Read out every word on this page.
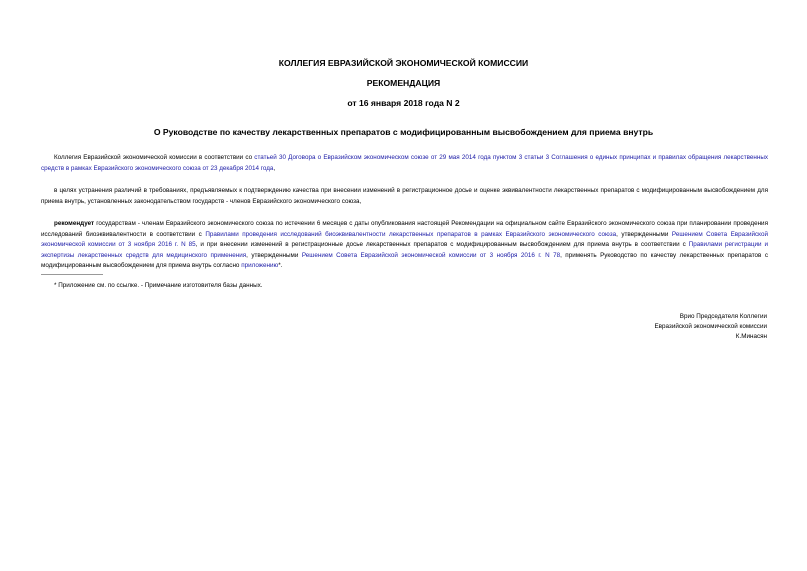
КОЛЛЕГИЯ ЕВРАЗИЙСКОЙ ЭКОНОМИЧЕСКОЙ КОМИССИИ
РЕКОМЕНДАЦИЯ
от 16 января 2018 года N 2
О Руководстве по качеству лекарственных препаратов с модифицированным высвобождением для приема внутрь
Коллегия Евразийской экономической комиссии в соответствии со статьей 30 Договора о Евразийском экономическом союзе от 29 мая 2014 года пунктом 3 статьи 3 Соглашения о единых принципах и правилах обращения лекарственных средств в рамках Евразийского экономического союза от 23 декабря 2014 года,
в целях устранения различий в требованиях, предъявляемых к подтверждению качества при внесении изменений в регистрационное досье и оценке эквивалентности лекарственных препаратов с модифицированным высвобождением для приема внутрь, установленных законодательством государств - членов Евразийского экономического союза,
рекомендует государствам - членам Евразийского экономического союза по истечении 6 месяцев с даты опубликования настоящей Рекомендации на официальном сайте Евразийского экономического союза при планировании проведения исследований биоэквивалентности в соответствии с Правилами проведения исследований биоэквивалентности лекарственных препаратов в рамках Евразийского экономического союза, утвержденными Решением Совета Евразийской экономической комиссии от 3 ноября 2016 г. N 85, и при внесении изменений в регистрационные досье лекарственных препаратов с модифицированным высвобождением для приема внутрь в соответствии с Правилами регистрации и экспертизы лекарственных средств для медицинского применения, утвержденными Решением Совета Евразийской экономической комиссии от 3 ноября 2016 г. N 78, применять Руководство по качеству лекарственных препаратов с модифицированным высвобождением для приема внутрь согласно приложению*.
* Приложение см. по ссылке. - Примечание изготовителя базы данных.
Врио Председателя Коллегии
Евразийской экономической комиссии
К.Минасян
